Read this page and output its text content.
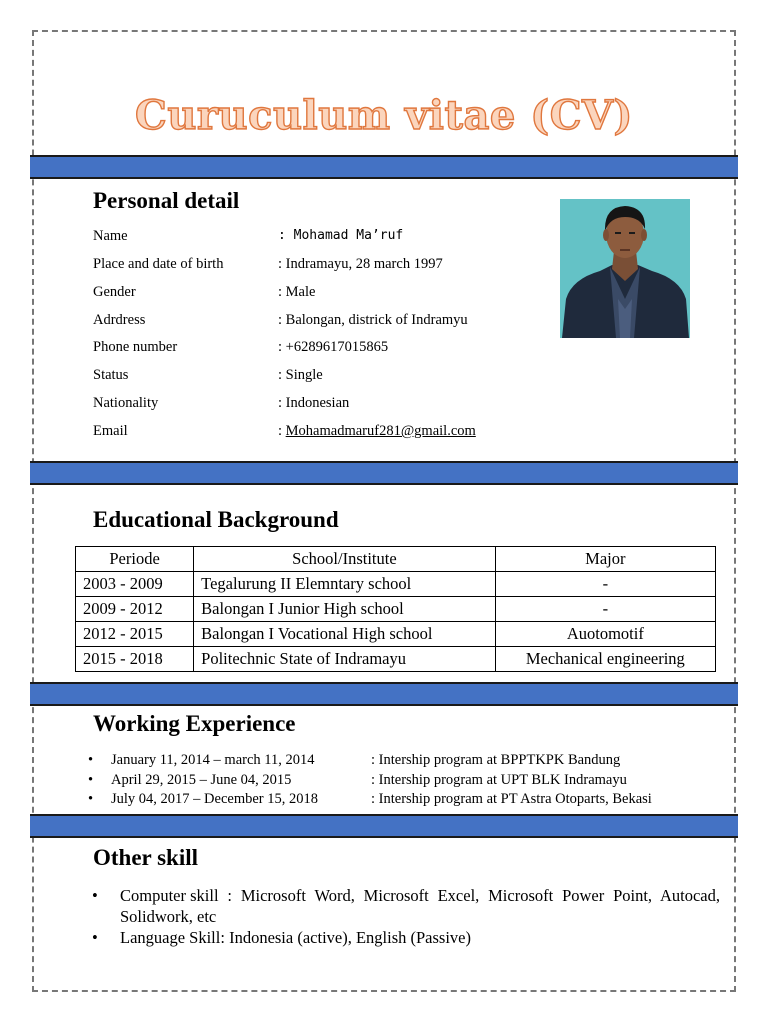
Curuculum vitae (CV)
Personal detail
Name	: Mohamad Ma’ruf
Place and date of birth	: Indramayu, 28 march 1997
Gender	: Male
Adrdress	: Balongan, districk of Indramyu
Phone number	: +6289617015865
Status	: Single
Nationality	: Indonesian
Email	: Mohamadmaruf281@gmail.com
Educational Background
Periode	School/Institute	Major
2003 - 2009	Tegalurung II Elemntary school	-
2009 - 2012	Balongan I Junior High school	-
2012 - 2015	Balongan I Vocational High school	Auotomotif
2015 - 2018	Politechnic State of Indramayu	Mechanical engineering
Working Experience
• January 11, 2014 – march 11, 2014	: Intership program at BPPTKPK Bandung
• April 29, 2015 – June 04, 2015	: Intership program at UPT BLK Indramayu
• July 04, 2017 – December 15, 2018	: Intership program at PT Astra Otoparts, Bekasi
Other skill
• Computer skill : Microsoft Word, Microsoft Excel, Microsoft Power Point, Autocad, Solidwork, etc
• Language Skill: Indonesia (active), English (Passive)
